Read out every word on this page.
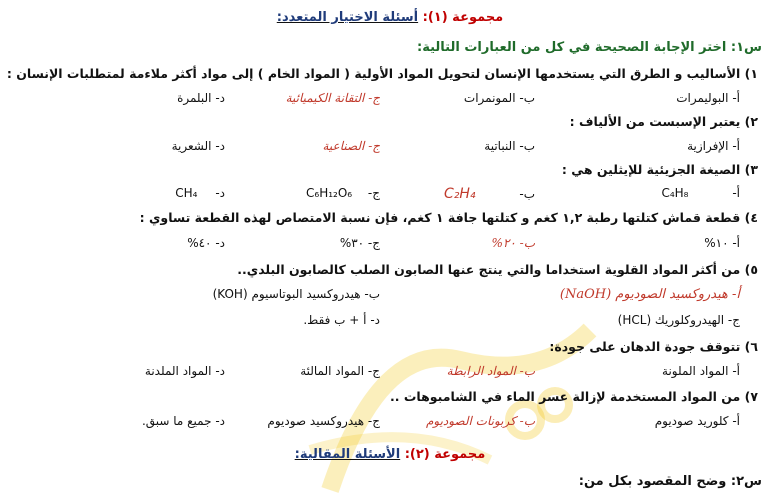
مجموعة (١): أسئلة الاختيار المتعدد:
س١: اختر الإجابة الصحيحة في كل من العبارات التالية:
١) الأساليب و الطرق التي يستخدمها الإنسان لتحويل المواد الأولية ( المواد الخام ) إلى مواد أكثر ملاءمة لمتطلبات الإنسان :
أ- البوليمرات
ب- المونمرات
ج- التقانة الكيميائية
د- البلمرة
٢) يعتبر الإسبست من الألياف :
أ- الإفرازية
ب- النباتية
ج- الصناعية
د- الشعرية
٣) الصيغة الجزيئية للإيثلين هي :
أ- C₄H₈
ب- C₂H₄
ج- C₆H₁₂O₆
د- CH₄
٤) قطعة قماش كتلتها رطبة ١,٢ كغم و كتلتها جافة ١ كغم، فإن نسبة الامتصاص لهذه القطعة تساوي :
أ- ١٠%
ب- ٢٠%
ج- ٣٠%
د- ٤٠%
٥) من أكثر المواد القلوية استخداما والتي ينتج عنها الصابون الصلب كالصابون البلدي..
أ- هيدروكسيد الصوديوم (NaOH)
ب- هيدروكسيد البوتاسيوم (KOH)
ج- الهيدروكلوريك (HCL)
د- أ + ب فقط.
٦) تتوقف جودة الدهان على جودة:
أ- المواد الملونة
ب- المواد الرابطة
ج- المواد المالئة
د- المواد الملدنة
٧) من المواد المستخدمة لإزالة عسر الماء في الشامبوهات ..
أ- كلوريد صوديوم
ب- كربونات الصوديوم
ج- هيدروكسيد صوديوم
د- جميع ما سبق.
مجموعة (٢): الأسئلة المقالية:
س٢: وضح المقصود بكل من:
